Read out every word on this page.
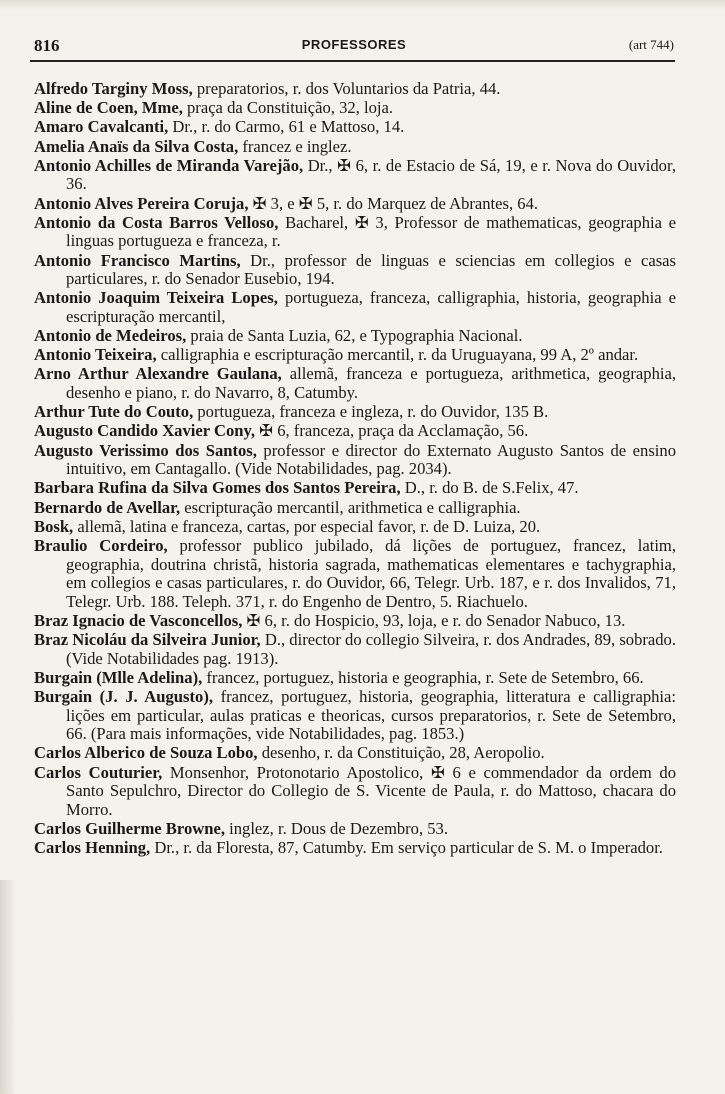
816	PROFESSORES	(art 744)

Alfredo Targiny Moss, preparatorios, r. dos Voluntarios da Patria, 44.

Aline de Coen, Mme, praça da Constituição, 32, loja.

Amaro Cavalcanti, Dr., r. do Carmo, 61 e Mattoso, 14.

Amelia Anaïs da Silva Costa, francez e inglez.

Antonio Achilles de Miranda Varejão, Dr., ✠ 6, r. de Estacio de Sá, 19, e r. Nova do Ouvidor, 36.

Antonio Alves Pereira Coruja, ✠ 3, e ✠ 5, r. do Marquez de Abrantes, 64.

Antonio da Costa Barros Velloso, Bacharel, ✠ 3, Professor de mathematicas, geographia e linguas portugueza e franceza, r.

Antonio Francisco Martins, Dr., professor de linguas e sciencias em collegios e casas particulares, r. do Senador Eusebio, 194.

Antonio Joaquim Teixeira Lopes, portugueza, franceza, calligraphia, historia, geographia e escripturação mercantil,

Antonio de Medeiros, praia de Santa Luzia, 62, e Typographia Nacional.

Antonio Teixeira, calligraphia e escripturação mercantil, r. da Uruguayana, 99 A, 2º andar.

Arno Arthur Alexandre Gaulana, allemã, franceza e portugueza, arithmetica, geographia, desenho e piano, r. do Navarro, 8, Catumby.

Arthur Tute do Couto, portugueza, franceza e ingleza, r. do Ouvidor, 135 B.

Augusto Candido Xavier Cony, ✠ 6, franceza, praça da Acclamação, 56.

Augusto Verissimo dos Santos, professor e director do Externato Augusto Santos de ensino intuitivo, em Cantagallo. (Vide Notabilidades, pag. 2034).

Barbara Rufina da Silva Gomes dos Santos Pereira, D., r. do B. de S.Felix, 47.

Bernardo de Avellar, escripturação mercantil, arithmetica e calligraphia.

Bosk, allemã, latina e franceza, cartas, por especial favor, r. de D. Luiza, 20.

Braulio Cordeiro, professor publico jubilado, dá lições de portuguez, francez, latim, geographia, doutrina christã, historia sagrada, mathematicas elementares e tachygraphia, em collegios e casas particulares, r. do Ouvidor, 66, Telegr. Urb. 187, e r. dos Invalidos, 71, Telegr. Urb. 188. Teleph. 371, r. do Engenho de Dentro, 5. Riachuelo.

Braz Ignacio de Vasconcellos, ✠ 6, r. do Hospicio, 93, loja, e r. do Senador Nabuco, 13.

Braz Nicoláu da Silveira Junior, D., director do collegio Silveira, r. dos Andrades, 89, sobrado. (Vide Notabilidades pag. 1913).

Burgain (Mlle Adelina), francez, portuguez, historia e geographia, r. Sete de Setembro, 66.

Burgain (J. J. Augusto), francez, portuguez, historia, geographia, litteratura e calligraphia: lições em particular, aulas praticas e theoricas, cursos preparatorios, r. Sete de Setembro, 66. (Para mais informações, vide Notabilidades, pag. 1853.)

Carlos Alberico de Souza Lobo, desenho, r. da Constituição, 28, Aeropolio.

Carlos Couturier, Monsenhor, Protonotario Apostolico, ✠ 6 e commendador da ordem do Santo Sepulchro, Director do Collegio de S. Vicente de Paula, r. do Mattoso, chacara do Morro.

Carlos Guilherme Browne, inglez, r. Dous de Dezembro, 53.

Carlos Henning, Dr., r. da Floresta, 87, Catumby. Em serviço particular de S. M. o Imperador.
